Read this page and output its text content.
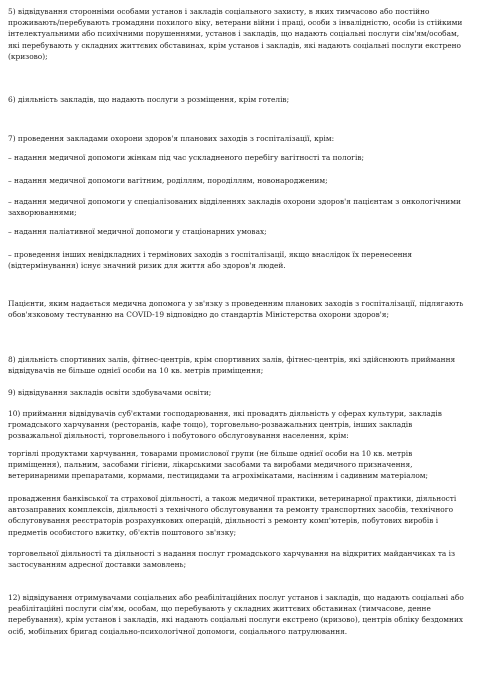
5) відвідування сторонніми особами установ і закладів соціального захисту, в яких тимчасово або постійно проживають/перебувають громадяни похилого віку, ветерани війни і праці, особи з інвалідністю, особи із стійкими інтелектуальними або психічними порушеннями, установ і закладів, що надають соціальні послуги сім'ям/особам, які перебувають у складних життєвих обставинах, крім установ і закладів, які надають соціальні послуги екстрено (кризово);

6) діяльність закладів, що надають послуги з розміщення, крім готелів;

7) проведення закладами охорони здоров'я планових заходів з госпіталізації, крім:

– надання медичної допомоги жінкам під час ускладненого перебігу вагітності та пологів;

– надання медичної допомоги вагітним, роділлям, породіллям, новонародженим;

– надання медичної допомоги у спеціалізованих відділеннях закладів охорони здоров'я пацієнтам з онкологічними захворюваннями;

– надання паліативної медичної допомоги у стаціонарних умовах;

– проведення інших невідкладних і термінових заходів з госпіталізації, якщо внаслідок їх перенесення (відтермінування) існує значний ризик для життя або здоров'я людей.

Пацієнти, яким надається медична допомога у зв'язку з проведенням планових заходів з госпіталізації, підлягають обов'язковому тестуванню на COVID-19 відповідно до стандартів Міністерства охорони здоров'я;

8) діяльність спортивних залів, фітнес-центрів, крім спортивних залів, фітнес-центрів, які здійснюють приймання відвідувачів не більше однієї особи на 10 кв. метрів приміщення;

9) відвідування закладів освіти здобувачами освіти;

10) приймання відвідувачів суб'єктами господарювання, які провадять діяльність у сферах культури, закладів громадського харчування (ресторанів, кафе тощо), торговельно-розважальних центрів, інших закладів розважальної діяльності, торговельного і побутового обслуговування населення, крім:

торгівлі продуктами харчування, товарами промислової групи (не більше однієї особи на 10 кв. метрів приміщення), пальним, засобами гігієни, лікарськими засобами та виробами медичного призначення, ветеринарними препаратами, кормами, пестицидами та агрохімікатами, насінням і садивним матеріалом;

провадження банківської та страхової діяльності, а також медичної практики, ветеринарної практики, діяльності автозаправних комплексів, діяльності з технічного обслуговування та ремонту транспортних засобів, технічного обслуговування реєстраторів розрахункових операцій, діяльності з ремонту комп'ютерів, побутових виробів і предметів особистого вжитку, об'єктів поштового зв'язку;

торговельної діяльності та діяльності з надання послуг громадського харчування на відкритих майданчиках та із застосуванням адресної доставки замовлень;

12) відвідування отримувачами соціальних або реабілітаційних послуг установ і закладів, що надають соціальні або реабілітаційні послуги сім'ям, особам, що перебувають у складних життєвих обставинах (тимчасове, денне перебування), крім установ і закладів, які надають соціальні послуги екстрено (кризово), центрів обліку бездомних осіб, мобільних бригад соціально-психологічної допомоги, соціального патрулювання.
